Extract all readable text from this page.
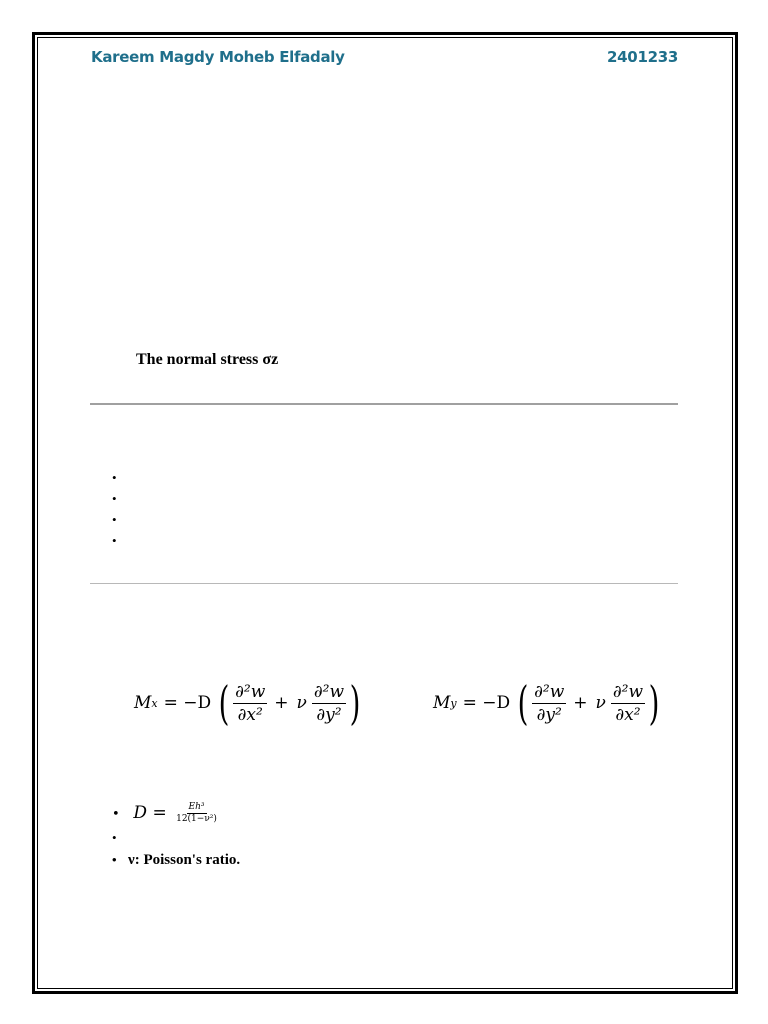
Kareem Magdy Moheb Elfadaly	2401233
The normal stress σz
•
•
•
•
M x = −D ( $\frac{\text{∂²w}}{\text{∂x²}} + \nu \frac{\text{∂²w}}{\text{∂y²}}$ )	M y = −D ( $\frac{\text{∂²w}}{\text{∂y²}} + \nu \frac{\text{∂²w}}{\text{∂x²}}$ )
• $D = \frac{\text{Eh³}}{\text{12(1−ν²)}}$
•
• ν: Poisson's ratio.
